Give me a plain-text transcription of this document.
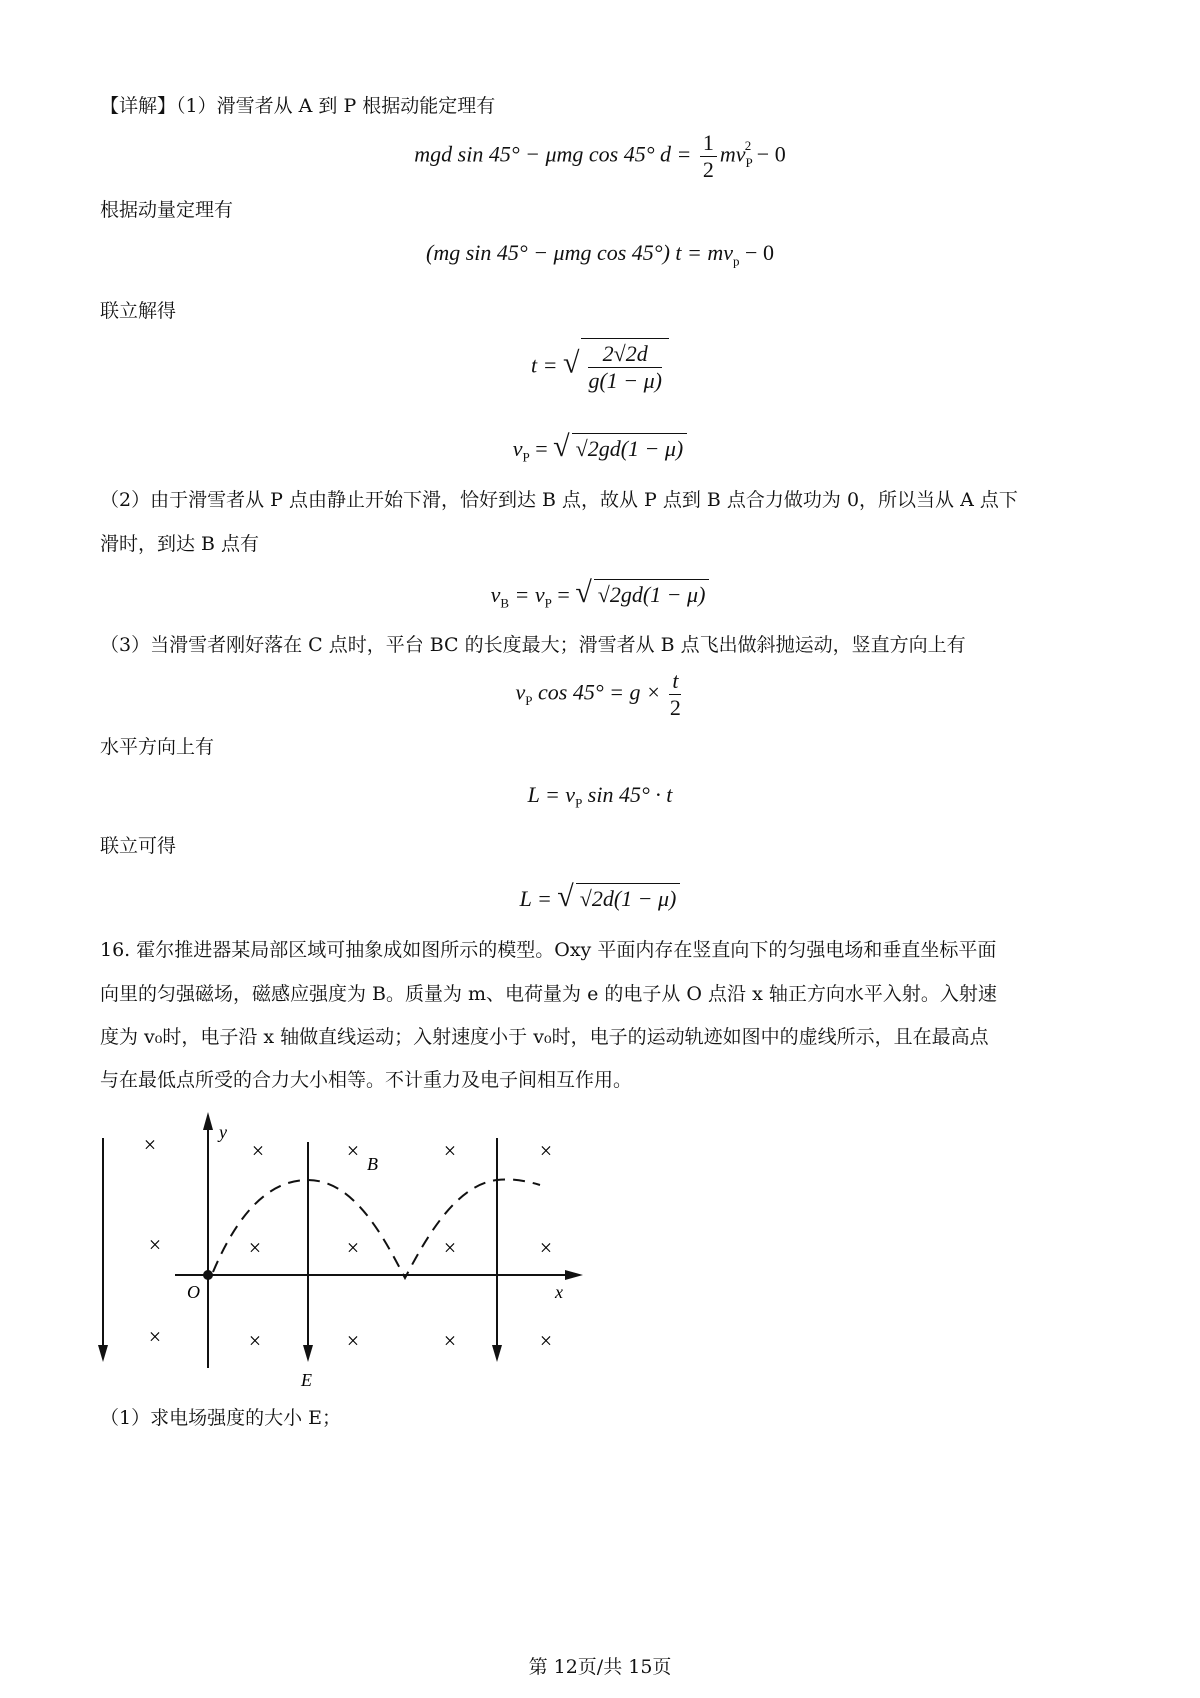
【详解】（1）滑雪者从 A 到 P 根据动能定理有
mgd sin 45° − μmg cos 45° $d = \frac{1}{2} mv_P^2 - 0$
根据动量定理有
(mg sin 45° − μmg cos 45°) $t = mv_p - 0$
联立解得
t = √ $\frac{2√2d}{g(1 - \mu)}$
$v_P$ = √ √2gd(1 − μ)
（2）由于滑雪者从 P 点由静止开始下滑，恰好到达 B 点，故从 P 点到 B 点合力做功为 0，所以当从 A 点下
滑时，到达 B 点有
$v_B = v_P$ = √ √2gd(1 − μ)
（3）当滑雪者刚好落在 C 点时，平台 BC 的长度最大；滑雪者从 B 点飞出做斜抛运动，竖直方向上有
$v_P$ $\cos 45^\circ = g \times \frac{t}{2}$
水平方向上有
$L = v_P$ sin 45° · t
联立可得
L = √ √2d(1 − μ)
16. 霍尔推进器某局部区域可抽象成如图所示的模型。Oxy 平面内存在竖直向下的匀强电场和垂直坐标平面
向里的匀强磁场，磁感应强度为 B。质量为 m、电荷量为 e 的电子从 O 点沿 x 轴正方向水平入射。入射速
度为 v₀时，电子沿 x 轴做直线运动；入射速度小于 v₀时，电子的运动轨迹如图中的虚线所示，且在最高点
与在最低点所受的合力大小相等。不计重力及电子间相互作用。
y
x
O
×	×	×	×	×
B
×	×	×	×	×
×	×	×	×	×
E
（1）求电场强度的大小 E；
第 12页/共 15页
